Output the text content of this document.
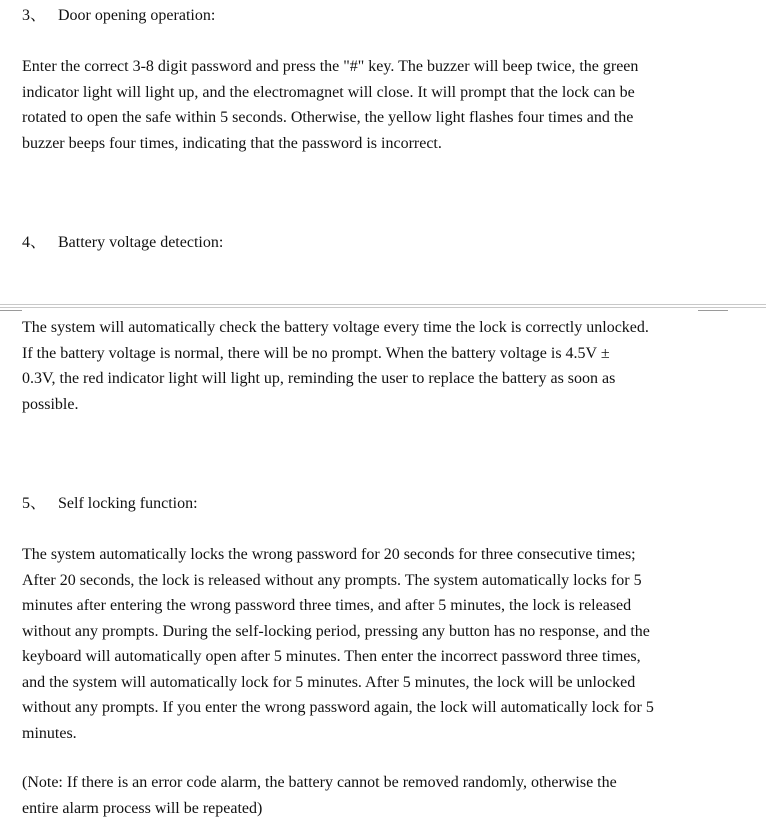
3、 Door opening operation:
Enter the correct 3-8 digit password and press the "#" key. The buzzer will beep twice, the green
indicator light will light up, and the electromagnet will close. It will prompt that the lock can be
rotated to open the safe within 5 seconds. Otherwise, the yellow light flashes four times and the
buzzer beeps four times, indicating that the password is incorrect.
4、 Battery voltage detection:
The system will automatically check the battery voltage every time the lock is correctly unlocked.
If the battery voltage is normal, there will be no prompt. When the battery voltage is 4.5V ±
0.3V, the red indicator light will light up, reminding the user to replace the battery as soon as
possible.
5、 Self locking function:
The system automatically locks the wrong password for 20 seconds for three consecutive times;
After 20 seconds, the lock is released without any prompts. The system automatically locks for 5
minutes after entering the wrong password three times, and after 5 minutes, the lock is released
without any prompts. During the self-locking period, pressing any button has no response, and the
keyboard will automatically open after 5 minutes. Then enter the incorrect password three times,
and the system will automatically lock for 5 minutes. After 5 minutes, the lock will be unlocked
without any prompts. If you enter the wrong password again, the lock will automatically lock for 5
minutes.
(Note: If there is an error code alarm, the battery cannot be removed randomly, otherwise the
entire alarm process will be repeated)
